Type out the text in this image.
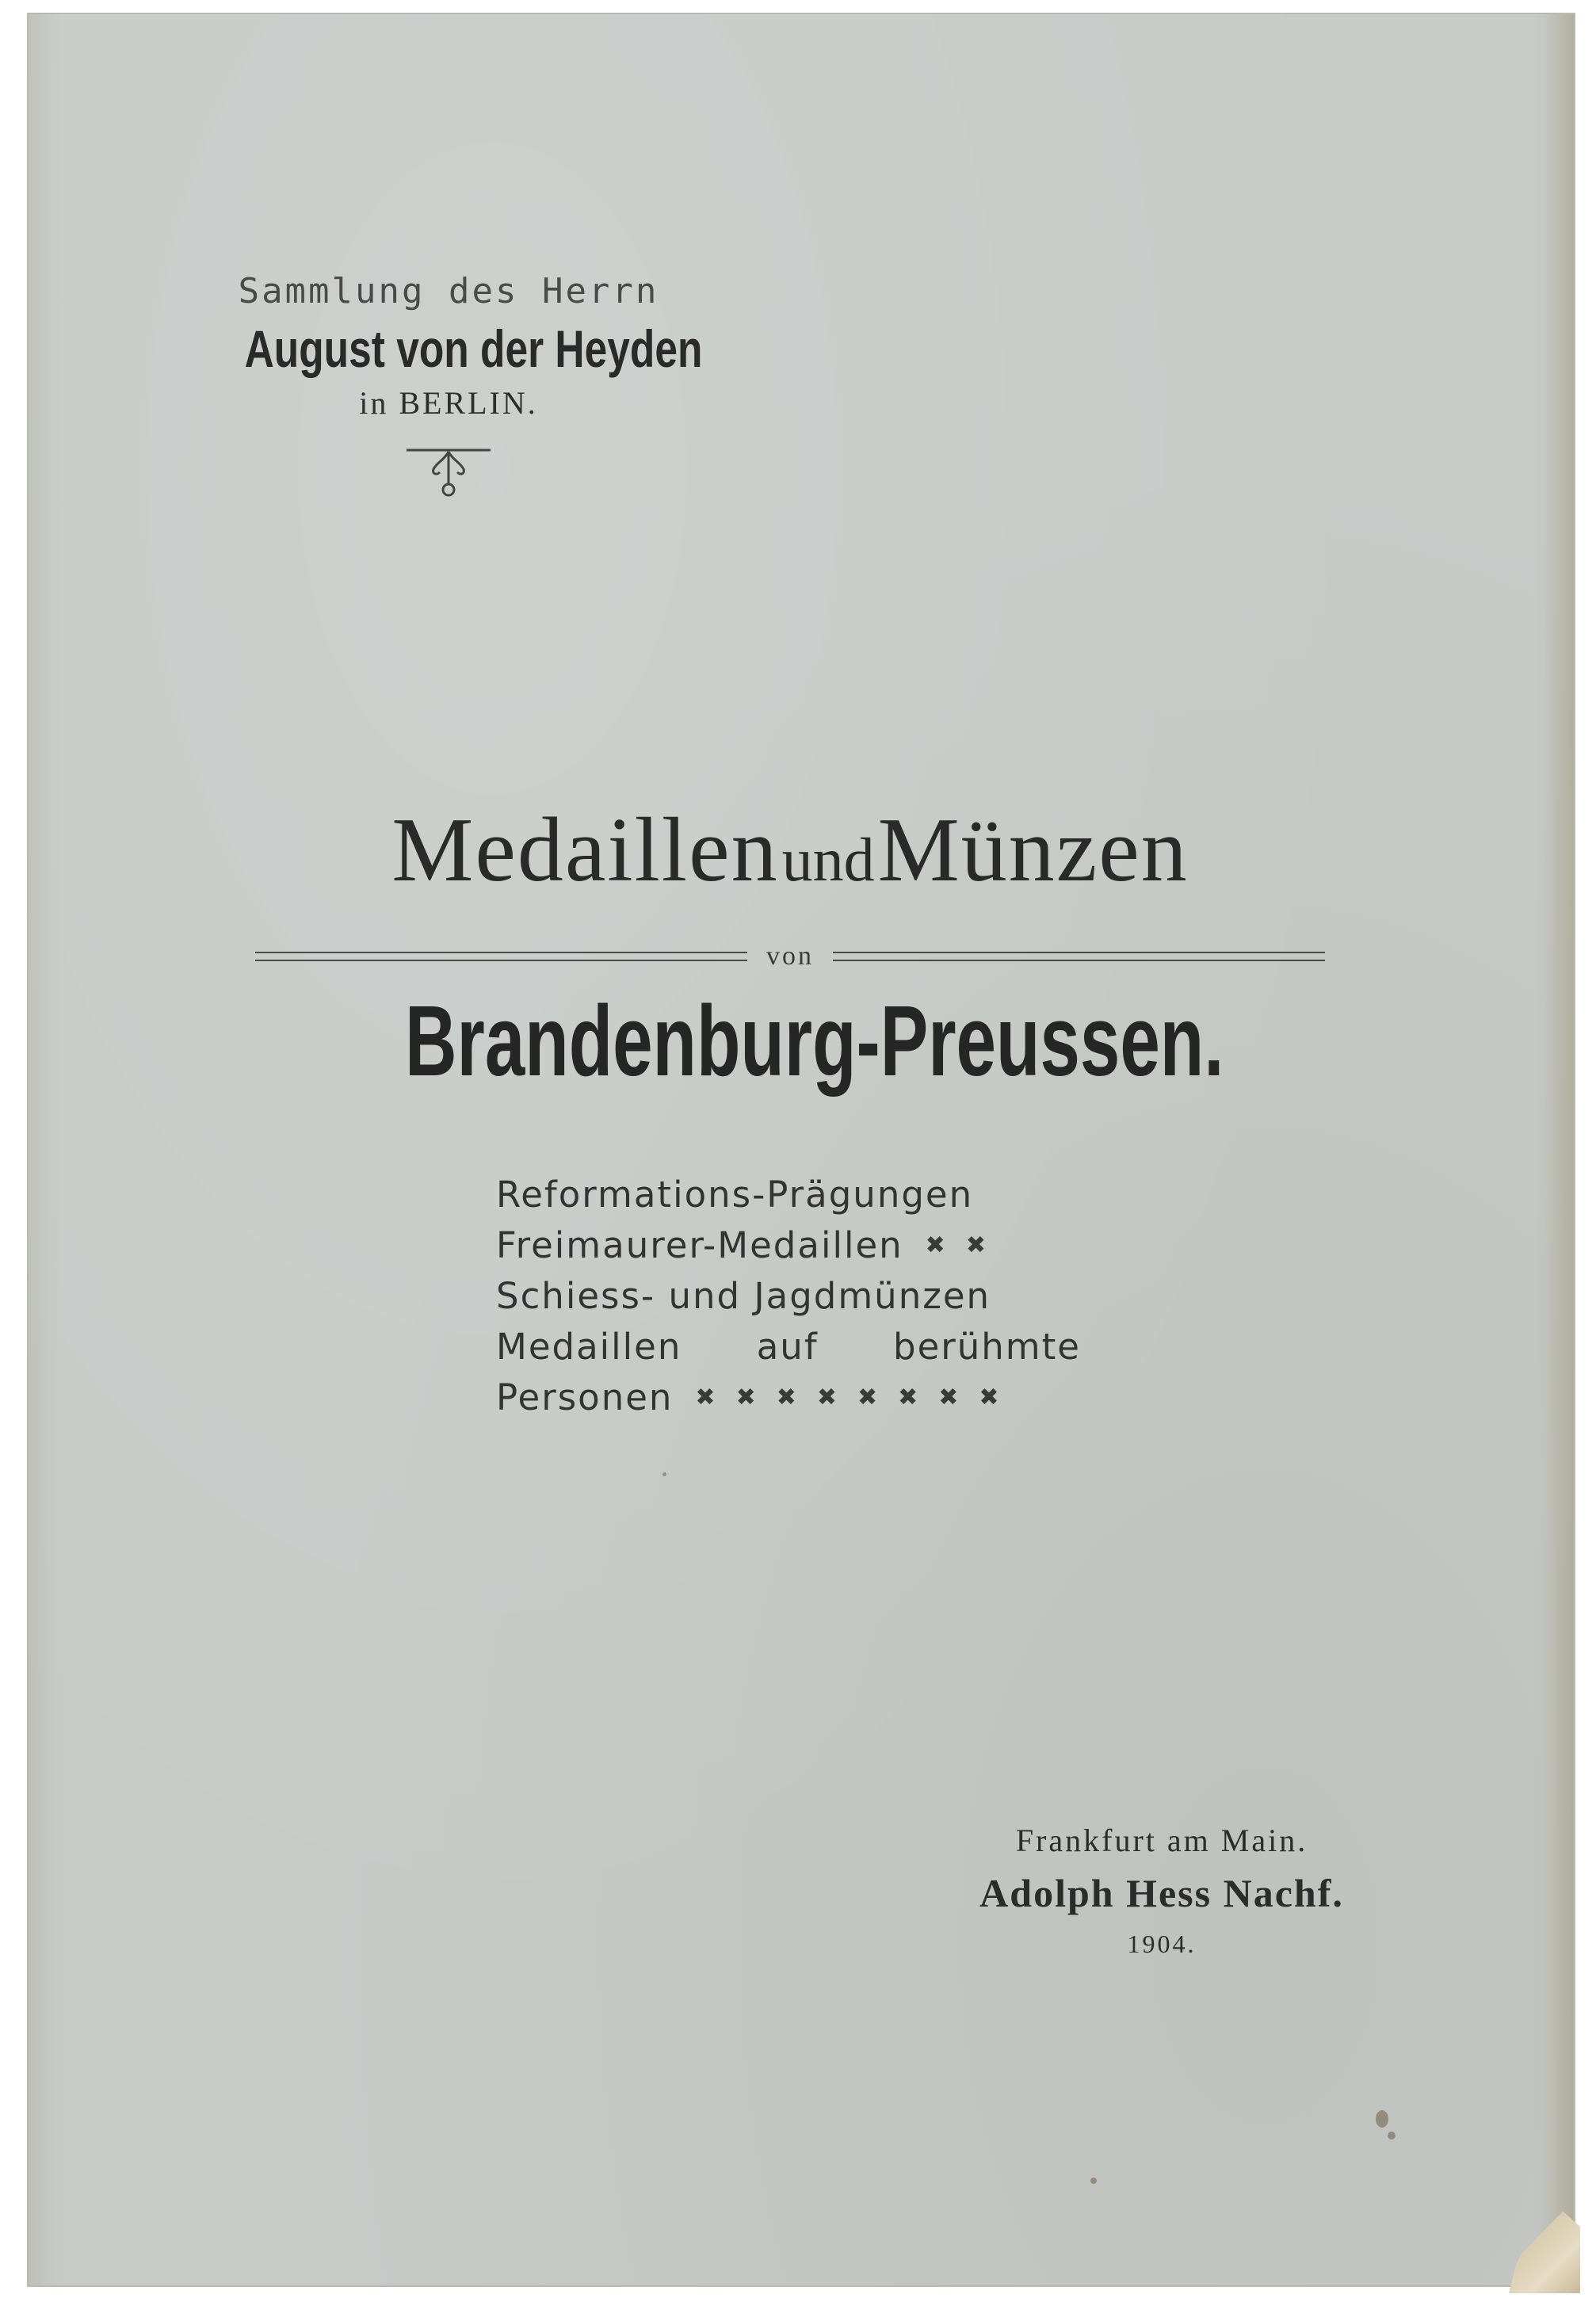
Sammlung des Herrn
August von der Heyden
in BERLIN.
Medaillen und Münzen
von
Brandenburg-Preussen.
Reformations-Prägungen
Freimaurer-Medaillen ✖ ✖
Schiess- und Jagdmünzen
Medaillen auf berühmte
Personen ✖ ✖ ✖ ✖ ✖ ✖ ✖ ✖
Frankfurt am Main.
Adolph Hess Nachf.
1904.
